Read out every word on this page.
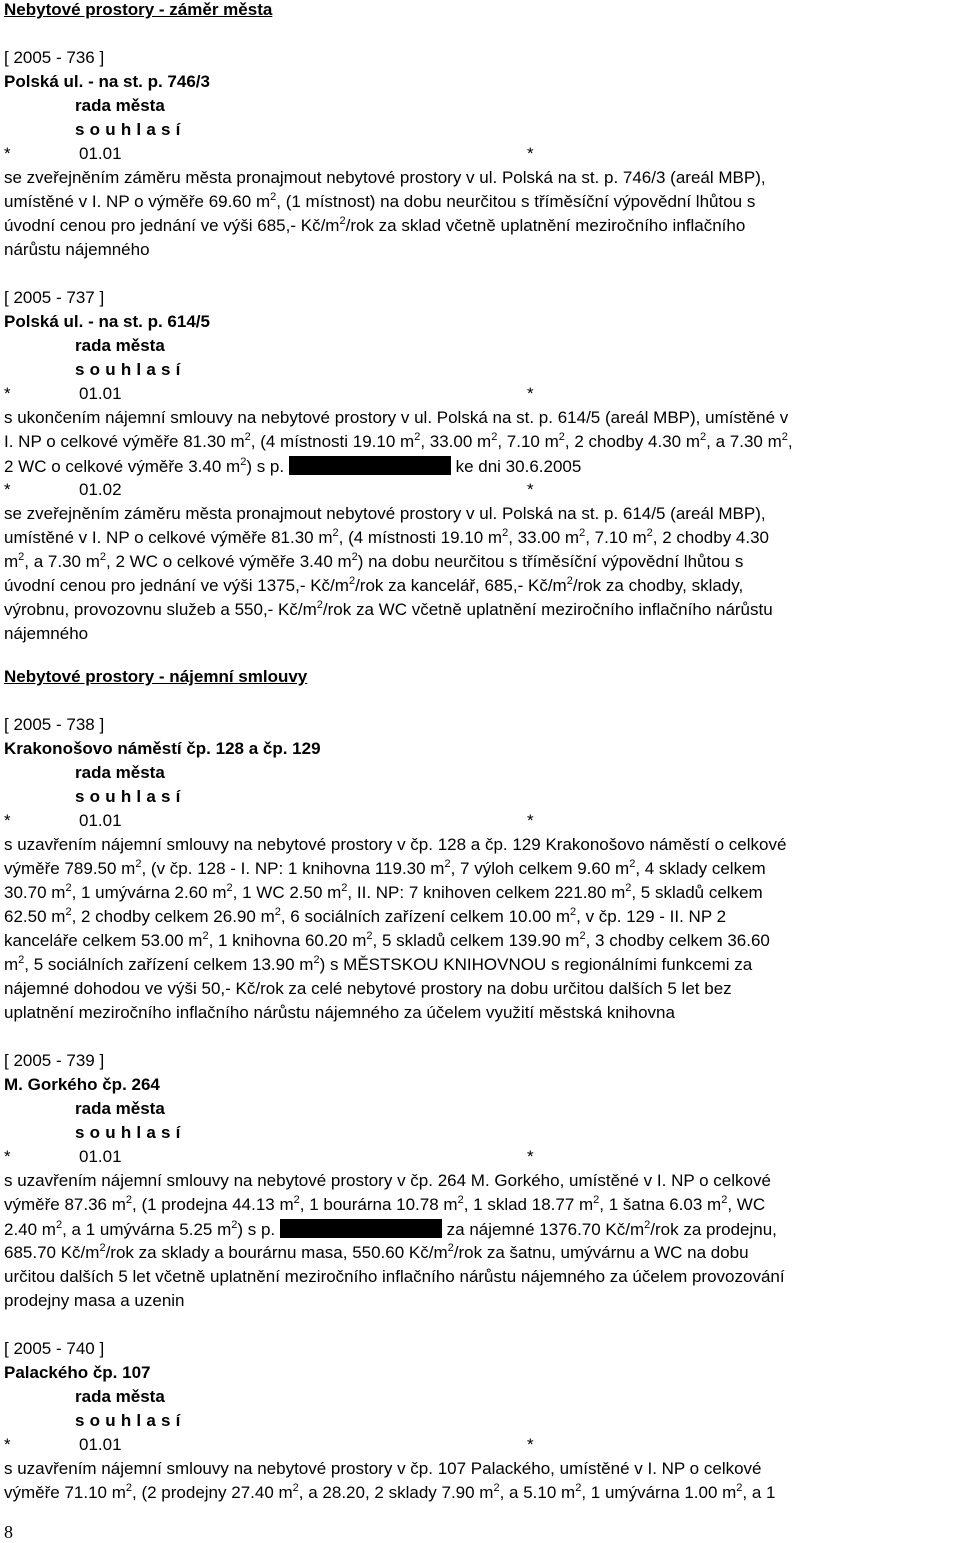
Nebytové prostory - záměr města
[ 2005 - 736 ]
Polská ul. - na st. p. 746/3
rada města
souhlasí
*	01.01	*
se zveřejněním záměru města pronajmout nebytové prostory v ul. Polská na st. p. 746/3 (areál MBP),
umístěné v I. NP o výměře 69.60 $m^2$, (1 místnost) na dobu neurčitou s tříměsíční výpovědní lhůtou s
úvodní cenou pro jednání ve výši 685,- $Kč/m^2$/rok za sklad včetně uplatnění meziročního inflačního
nárůstu nájemného
[ 2005 - 737 ]
Polská ul. - na st. p. 614/5
rada města
souhlasí
*	01.01	*
s ukončením nájemní smlouvy na nebytové prostory v ul. Polská na st. p. 614/5 (areál MBP), umístěné v
I. NP o celkové výměře 81.30 $m^2$, (4 místnosti 19.10 $m^2$, 33.00 $m^2$, 7.10 $m^2$, 2 chodby 4.30 $m^2$, a 7.30 $m^2$,
2 WC o celkové výměře 3.40 $m^2$) s p.	ke dni 30.6.2005
*	01.02	*
se zveřejněním záměru města pronajmout nebytové prostory v ul. Polská na st. p. 614/5 (areál MBP),
umístěné v I. NP o celkové výměře 81.30 $m^2$, (4 místnosti 19.10 $m^2$, 33.00 $m^2$, 7.10 $m^2$, 2 chodby 4.30
$m^2$, a 7.30 $m^2$, 2 WC o celkové výměře 3.40 $m^2$) na dobu neurčitou s tříměsíční výpovědní lhůtou s
úvodní cenou pro jednání ve výši 1375,- $Kč/m^2$/rok za kancelář, 685,- $Kč/m^2$/rok za chodby, sklady,
výrobnu, provozovnu služeb a 550,- $Kč/m^2$/rok za WC včetně uplatnění meziročního inflačního nárůstu
nájemného
Nebytové prostory - nájemní smlouvy
[ 2005 - 738 ]
Krakonošovo náměstí čp. 128 a čp. 129
rada města
souhlasí
*	01.01	*
s uzavřením nájemní smlouvy na nebytové prostory v čp. 128 a čp. 129 Krakonošovo náměstí o celkové
výměře 789.50 $m^2$, (v čp. 128 - I. NP: 1 knihovna 119.30 $m^2$, 7 výloh celkem 9.60 $m^2$, 4 sklady celkem
30.70 $m^2$, 1 umývárna 2.60 $m^2$, 1 WC 2.50 $m^2$, II. NP: 7 knihoven celkem 221.80 $m^2$, 5 skladů celkem
62.50 $m^2$, 2 chodby celkem 26.90 $m^2$, 6 sociálních zařízení celkem 10.00 $m^2$, v čp. 129 - II. NP 2
kanceláře celkem 53.00 $m^2$, 1 knihovna 60.20 $m^2$, 5 skladů celkem 139.90 $m^2$, 3 chodby celkem 36.60
$m^2$, 5 sociálních zařízení celkem 13.90 $m^2$) s MĚSTSKOU KNIHOVNOU s regionálními funkcemi za
nájemné dohodou ve výši 50,- Kč/rok za celé nebytové prostory na dobu určitou dalších 5 let bez
uplatnění meziročního inflačního nárůstu nájemného za účelem využití městská knihovna
[ 2005 - 739 ]
M. Gorkého čp. 264
rada města
souhlasí
*	01.01	*
s uzavřením nájemní smlouvy na nebytové prostory v čp. 264 M. Gorkého, umístěné v I. NP o celkové
výměře 87.36 $m^2$, (1 prodejna 44.13 $m^2$, 1 bourárna 10.78 $m^2$, 1 sklad 18.77 $m^2$, 1 šatna 6.03 $m^2$, WC
2.40 $m^2$, a 1 umývárna 5.25 $m^2$) s p.	za nájemné 1376.70 $Kč/m^2$/rok za prodejnu,
685.70 $Kč/m^2$/rok za sklady a bourárnu masa, 550.60 $Kč/m^2$/rok za šatnu, umývárnu a WC na dobu
určitou dalších 5 let včetně uplatnění meziročního inflačního nárůstu nájemného za účelem provozování
prodejny masa a uzenin
[ 2005 - 740 ]
Palackého čp. 107
rada města
souhlasí
*	01.01	*
s uzavřením nájemní smlouvy na nebytové prostory v čp. 107 Palackého, umístěné v I. NP o celkové
výměře 71.10 $m^2$, (2 prodejny 27.40 $m^2$, a 28.20, 2 sklady 7.90 $m^2$, a 5.10 $m^2$, 1 umývárna 1.00 $m^2$, a 1
8
